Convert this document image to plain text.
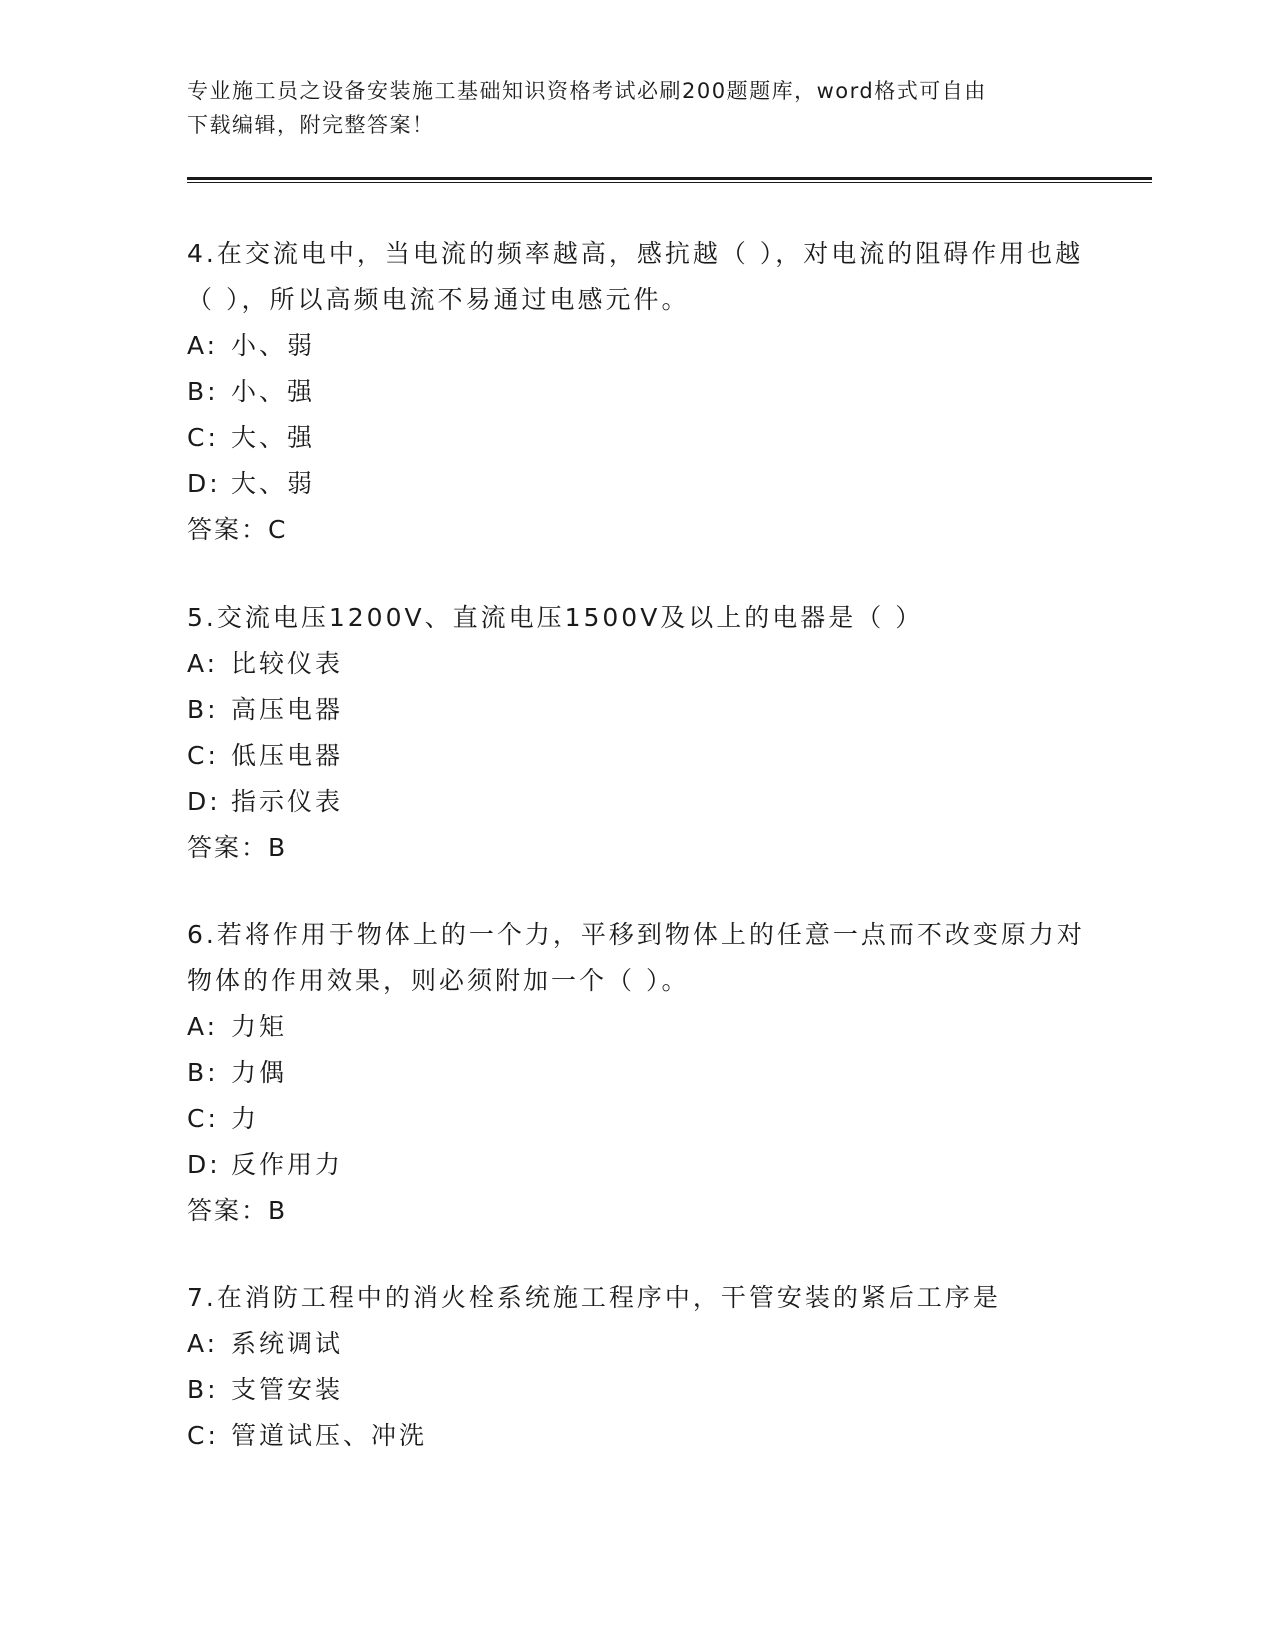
专业施工员之设备安装施工基础知识资格考试必刷200题题库，word格式可自由
下载编辑，附完整答案！
4.在交流电中，当电流的频率越高，感抗越（ ），对电流的阻碍作用也越（ ），所以高频电流不易通过电感元件。
A: 小、弱
B: 小、强
C: 大、强
D: 大、弱
答案：C
5.交流电压1200V、直流电压1500V及以上的电器是（ ）
A: 比较仪表
B: 高压电器
C: 低压电器
D: 指示仪表
答案：B
6.若将作用于物体上的一个力，平移到物体上的任意一点而不改变原力对物体的作用效果，则必须附加一个（ ）。
A: 力矩
B: 力偶
C: 力
D: 反作用力
答案：B
7.在消防工程中的消火栓系统施工程序中，干管安装的紧后工序是
A: 系统调试
B: 支管安装
C: 管道试压、冲洗
